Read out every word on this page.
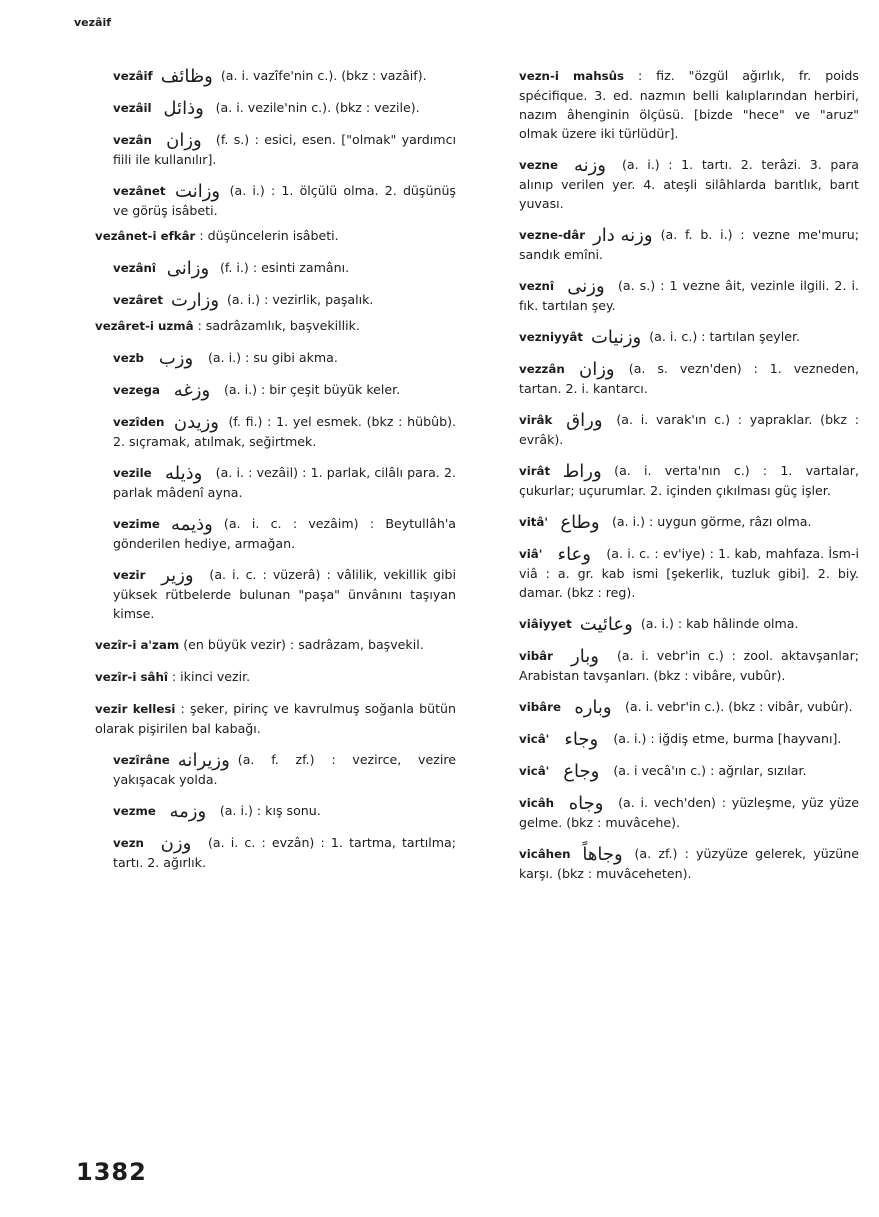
vezâif
vezâif وظائف (a. i. vazîfe'nin c.). (bkz : vazâif).
vezâil وذائل (a. i. vezile'nin c.). (bkz : vezile).
vezân وزان (f. s.) : esici, esen. ["olmak" yardımcı fiili ile kullanılır].
vezânet وزانت (a. i.) : 1. ölçülü olma. 2. düşünüş ve görüş isâbeti.
vezânet-i efkâr : düşüncelerin isâbeti.
vezânî وزانى (f. i.) : esinti zamânı.
vezâret وزارت (a. i.) : vezirlik, paşalık.
vezâret-i uzmâ : sadrâzamlık, başvekillik.
vezb وزب (a. i.) : su gibi akma.
vezega وزغه (a. i.) : bir çeşit büyük keler.
vezîden وزيدن (f. fi.) : 1. yel esmek. (bkz : hübûb). 2. sıçramak, atılmak, seğirtmek.
vezile وذيله (a. i. : vezâil) : 1. parlak, cilâlı para. 2. parlak mâdenî ayna.
vezime وذيمه (a. i. c. : vezâim) : Beytullâh'a gönderilen hediye, armağan.
vezir وزير (a. i. c. : vüzerâ) : vâlilik, vekillik gibi yüksek rütbelerde bulunan "paşa" ünvânını taşıyan kimse.
vezîr-i a'zam (en büyük vezir) : sadrâzam, başvekil.
vezîr-i sâhî : ikinci vezir.
vezir kellesi : şeker, pirinç ve kavrulmuş soğanla bütün olarak pişirilen bal kabağı.
vezîrâne وزيرانه (a. f. zf.) : vezirce, vezire yakışacak yolda.
vezme وزمه (a. i.) : kış sonu.
vezn وزن (a. i. c. : evzân) : 1. tartma, tartılma; tartı. 2. ağırlık.
vezn-i mahsûs : fiz. "özgül ağırlık, fr. poids spécifique. 3. ed. nazmın belli kalıplarından herbiri, nazım âhenginin ölçüsü. [bizde "hece" ve "aruz" olmak üzere iki türlüdür].
vezne وزنه (a. i.) : 1. tartı. 2. terâzi. 3. para alınıp verilen yer. 4. ateşli silâhlarda barıtlık, barıt yuvası.
vezne-dâr وزنه دار (a. f. b. i.) : vezne me'muru; sandık emîni.
veznî وزنى (a. s.) : 1 vezne âit, vezinle ilgili. 2. i. fık. tartılan şey.
vezniyyât وزنيات (a. i. c.) : tartılan şeyler.
vezzân وزان (a. s. vezn'den) : 1. vezneden, tartan. 2. i. kantarcı.
virâk وراق (a. i. varak'ın c.) : yapraklar. (bkz : evrâk).
virât وراط (a. i. verta'nın c.) : 1. vartalar, çukurlar; uçurumlar. 2. içinden çıkılması güç işler.
vitâ' وطاع (a. i.) : uygun görme, râzı olma.
viâ' وعاء (a. i. c. : ev'iye) : 1. kab, mahfaza. İsm-i viâ : a. gr. kab ismi [şekerlik, tuzluk gibi]. 2. biy. damar. (bkz : reg).
viâiyyet وعائيت (a. i.) : kab hâlinde olma.
vibâr وبار (a. i. vebr'in c.) : zool. aktavşanlar; Arabistan tavşanları. (bkz : vibâre, vubûr).
vibâre وباره (a. i. vebr'in c.). (bkz : vibâr, vubûr).
vicâ' وجاء (a. i.) : iğdiş etme, burma [hayvanı].
vicâ' وجاع (a. i vecâ'ın c.) : ağrılar, sızılar.
vicâh وجاه (a. i. vech'den) : yüzleşme, yüz yüze gelme. (bkz : muvâcehe).
vicâhen وجاهاً (a. zf.) : yüzyüze gelerek, yüzüne karşı. (bkz : muvâceheten).
1382
